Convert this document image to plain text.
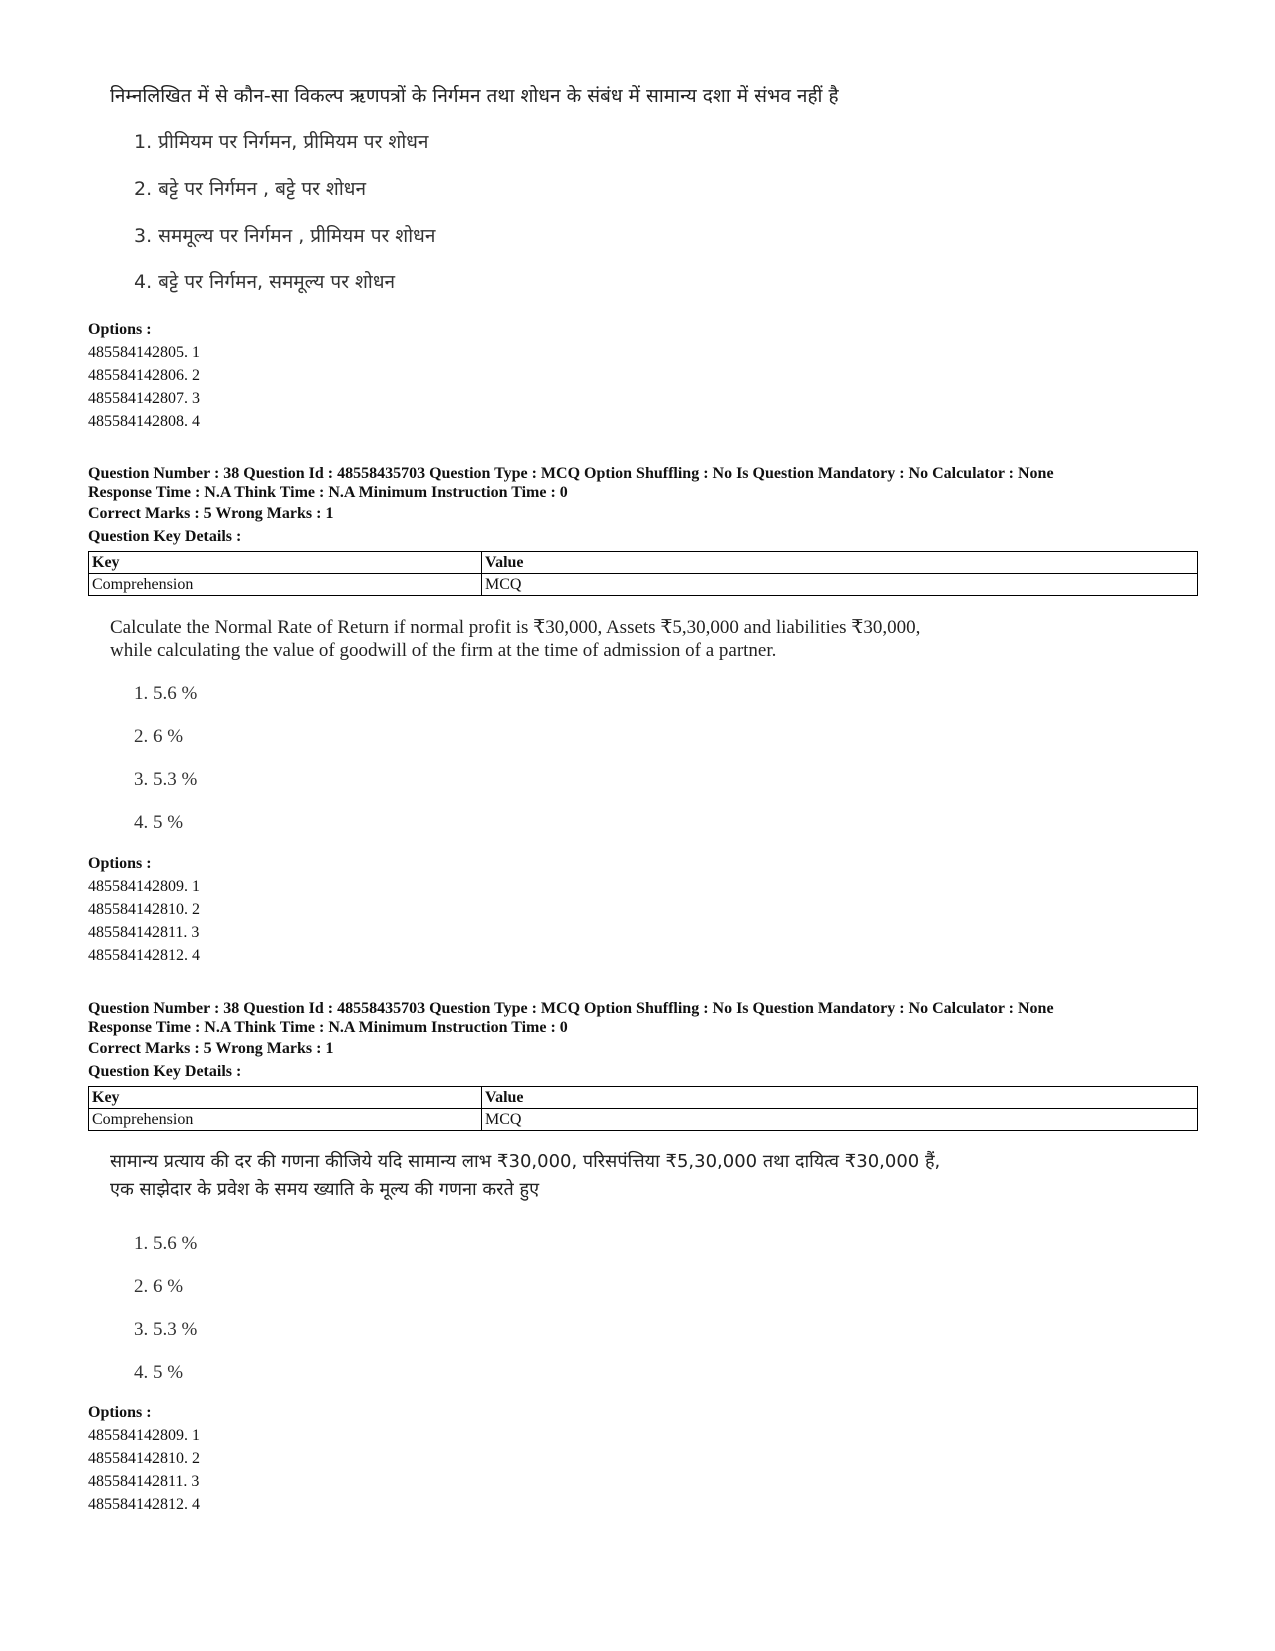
निम्नलिखित में से कौन-सा विकल्प ऋणपत्रों के निर्गमन तथा शोधन के संबंध में सामान्य दशा में संभव नहीं है
1. प्रीमियम पर निर्गमन, प्रीमियम पर शोधन
2. बट्टे पर निर्गमन , बट्टे पर शोधन
3. सममूल्य पर निर्गमन , प्रीमियम पर शोधन
4. बट्टे पर निर्गमन, सममूल्य पर शोधन
Options :
485584142805. 1
485584142806. 2
485584142807. 3
485584142808. 4
Question Number : 38 Question Id : 48558435703 Question Type : MCQ Option Shuffling : No Is Question Mandatory : No Calculator : None
Response Time : N.A Think Time : N.A Minimum Instruction Time : 0
Correct Marks : 5 Wrong Marks : 1
Question Key Details :
Key	Value
Comprehension	MCQ
Calculate the Normal Rate of Return if normal profit is ₹30,000, Assets ₹5,30,000 and liabilities ₹30,000,
while calculating the value of goodwill of the firm at the time of admission of a partner.
1. 5.6 %
2. 6 %
3. 5.3 %
4. 5 %
Options :
485584142809. 1
485584142810. 2
485584142811. 3
485584142812. 4
Question Number : 38 Question Id : 48558435703 Question Type : MCQ Option Shuffling : No Is Question Mandatory : No Calculator : None
Response Time : N.A Think Time : N.A Minimum Instruction Time : 0
Correct Marks : 5 Wrong Marks : 1
Question Key Details :
Key	Value
Comprehension	MCQ
सामान्य प्रत्याय की दर की गणना कीजिये यदि सामान्य लाभ ₹30,000, परिसपंत्तिया ₹5,30,000 तथा दायित्व ₹30,000 हैं,
एक साझेदार के प्रवेश के समय ख्याति के मूल्य की गणना करते हुए
1. 5.6 %
2. 6 %
3. 5.3 %
4. 5 %
Options :
485584142809. 1
485584142810. 2
485584142811. 3
485584142812. 4
